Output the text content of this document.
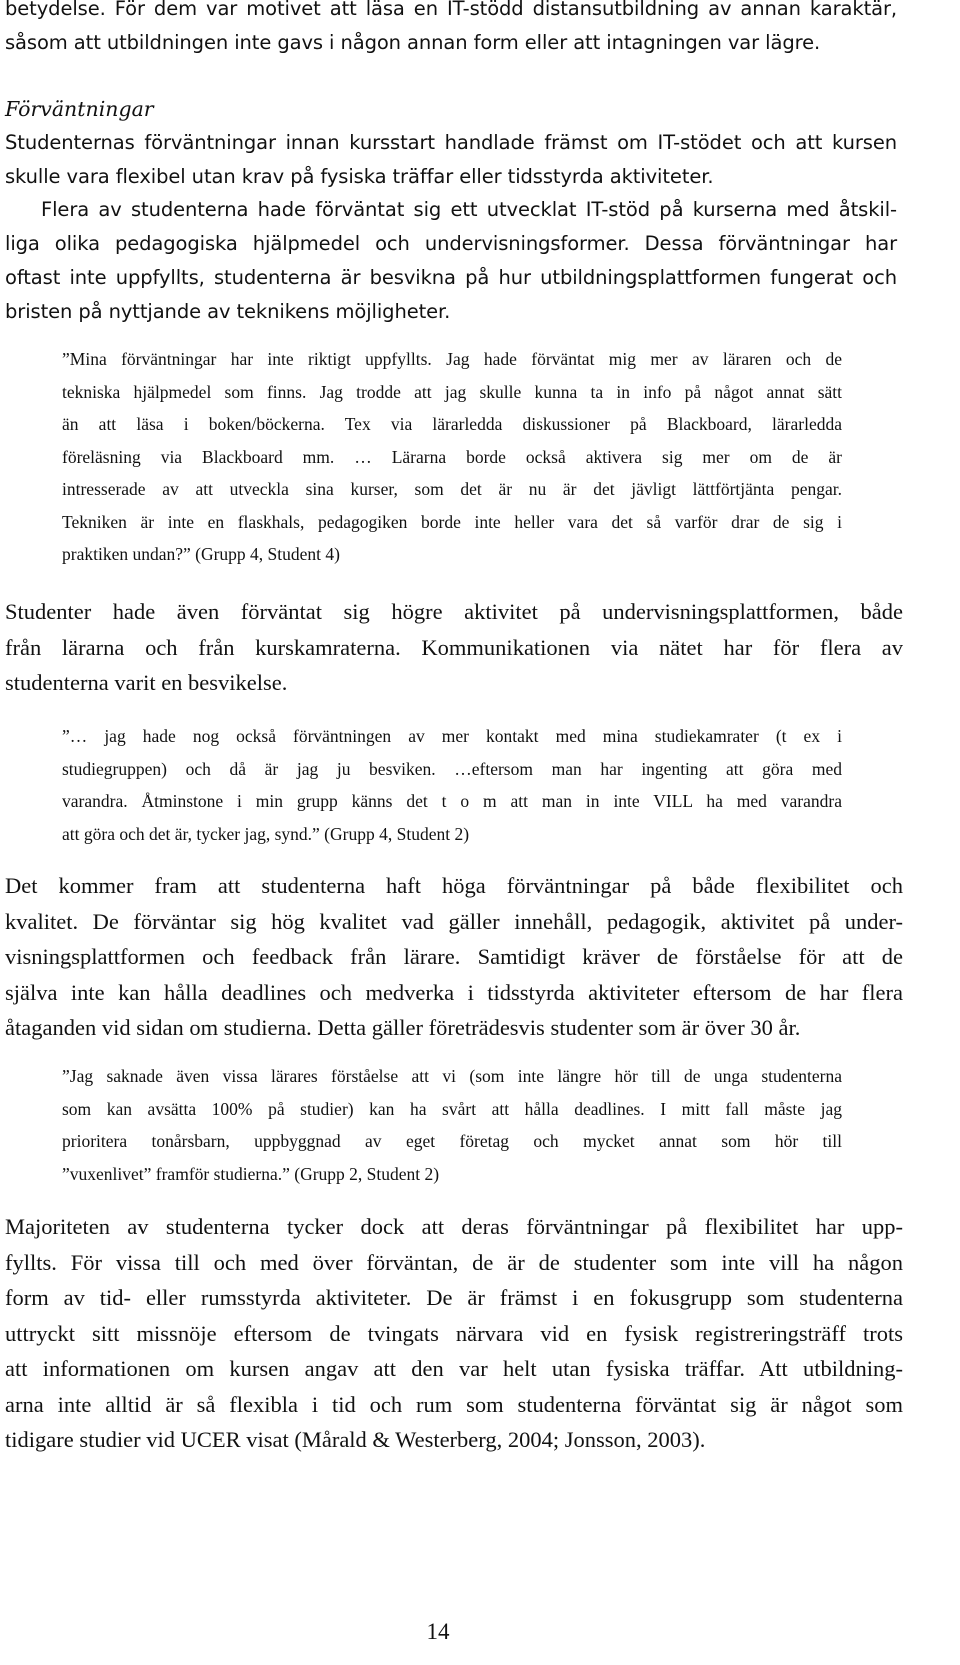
betydelse. För dem var motivet att läsa en IT-stödd distansutbildning av annan karaktär,
såsom att utbildningen inte gavs i någon annan form eller att intagningen var lägre.
Förväntningar
Studenternas förväntningar innan kursstart handlade främst om IT-stödet och att kursen
skulle vara flexibel utan krav på fysiska träffar eller tidsstyrda aktiviteter.
Flera av studenterna hade förväntat sig ett utvecklat IT-stöd på kurserna med åtskil-
liga olika pedagogiska hjälpmedel och undervisningsformer. Dessa förväntningar har
oftast inte uppfyllts, studenterna är besvikna på hur utbildningsplattformen fungerat och
bristen på nyttjande av teknikens möjligheter.
”Mina förväntningar har inte riktigt uppfyllts. Jag hade förväntat mig mer av läraren och de
tekniska hjälpmedel som finns. Jag trodde att jag skulle kunna ta in info på något annat sätt
än att läsa i boken/böckerna. Tex via lärarledda diskussioner på Blackboard, lärarledda
föreläsning via Blackboard mm. … Lärarna borde också aktivera sig mer om de är
intresserade av att utveckla sina kurser, som det är nu är det jävligt lättförtjänta pengar.
Tekniken är inte en flaskhals, pedagogiken borde inte heller vara det så varför drar de sig i
praktiken undan?” (Grupp 4, Student 4)
Studenter hade även förväntat sig högre aktivitet på undervisningsplattformen, både
från lärarna och från kurskamraterna. Kommunikationen via nätet har för flera av
studenterna varit en besvikelse.
”… jag hade nog också förväntningen av mer kontakt med mina studiekamrater (t ex i
studiegruppen) och då är jag ju besviken. …eftersom man har ingenting att göra med
varandra. Åtminstone i min grupp känns det t o m att man in inte VILL ha med varandra
att göra och det är, tycker jag, synd.” (Grupp 4, Student 2)
Det kommer fram att studenterna haft höga förväntningar på både flexibilitet och
kvalitet. De förväntar sig hög kvalitet vad gäller innehåll, pedagogik, aktivitet på under-
visningsplattformen och feedback från lärare. Samtidigt kräver de förståelse för att de
själva inte kan hålla deadlines och medverka i tidsstyrda aktiviteter eftersom de har flera
åtaganden vid sidan om studierna. Detta gäller företrädesvis studenter som är över 30 år.
”Jag saknade även vissa lärares förståelse att vi (som inte längre hör till de unga studenterna
som kan avsätta 100% på studier) kan ha svårt att hålla deadlines. I mitt fall måste jag
prioritera tonårsbarn, uppbyggnad av eget företag och mycket annat som hör till
”vuxenlivet” framför studierna.” (Grupp 2, Student 2)
Majoriteten av studenterna tycker dock att deras förväntningar på flexibilitet har upp-
fyllts. För vissa till och med över förväntan, de är de studenter som inte vill ha någon
form av tid- eller rumsstyrda aktiviteter. De är främst i en fokusgrupp som studenterna
uttryckt sitt missnöje eftersom de tvingats närvara vid en fysisk registreringsträff trots
att informationen om kursen angav att den var helt utan fysiska träffar. Att utbildning-
arna inte alltid är så flexibla i tid och rum som studenterna förväntat sig är något som
tidigare studier vid UCER visat (Mårald & Westerberg, 2004; Jonsson, 2003).
14
